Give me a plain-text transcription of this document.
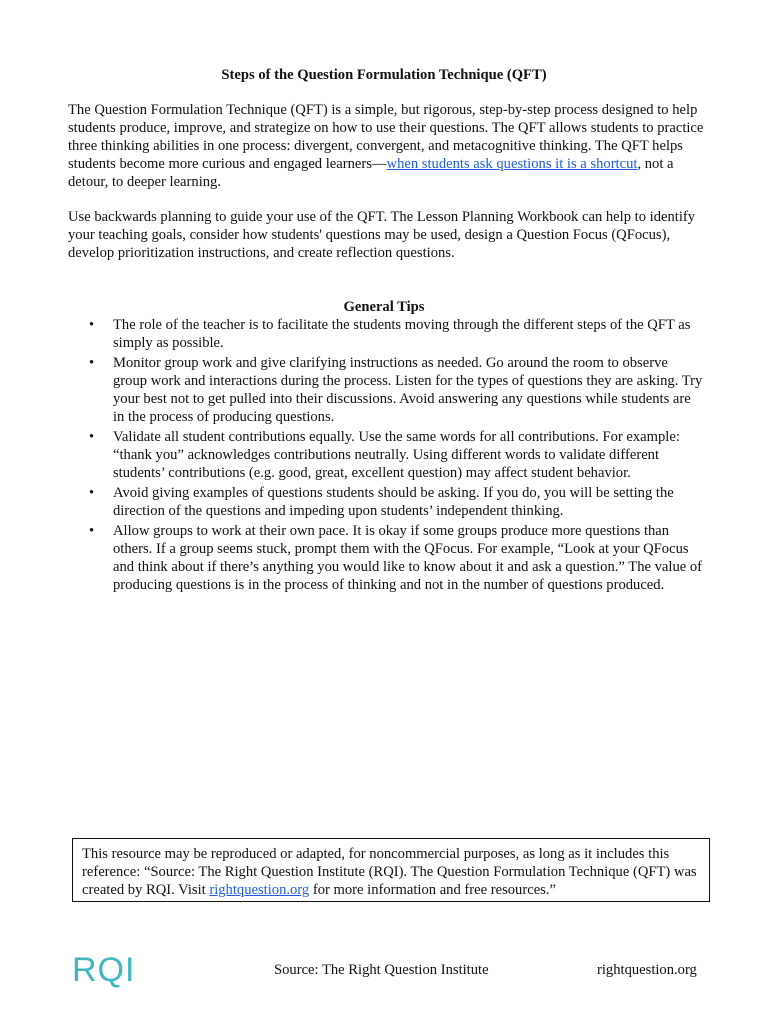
Steps of the Question Formulation Technique (QFT)

The Question Formulation Technique (QFT) is a simple, but rigorous, step-by-step process designed to help students produce, improve, and strategize on how to use their questions. The QFT allows students to practice three thinking abilities in one process: divergent, convergent, and metacognitive thinking. The QFT helps students become more curious and engaged learners—when students ask questions it is a shortcut, not a detour, to deeper learning.

Use backwards planning to guide your use of the QFT. The Lesson Planning Workbook can help to identify your teaching goals, consider how students' questions may be used, design a Question Focus (QFocus), develop prioritization instructions, and create reflection questions.

General Tips
• The role of the teacher is to facilitate the students moving through the different steps of the QFT as simply as possible.
• Monitor group work and give clarifying instructions as needed. Go around the room to observe group work and interactions during the process. Listen for the types of questions they are asking. Try your best not to get pulled into their discussions. Avoid answering any questions while students are in the process of producing questions.
• Validate all student contributions equally. Use the same words for all contributions. For example: “thank you” acknowledges contributions neutrally. Using different words to validate different students’ contributions (e.g. good, great, excellent question) may affect student behavior.
• Avoid giving examples of questions students should be asking. If you do, you will be setting the direction of the questions and impeding upon students’ independent thinking.
• Allow groups to work at their own pace. It is okay if some groups produce more questions than others. If a group seems stuck, prompt them with the QFocus. For example, “Look at your QFocus and think about if there’s anything you would like to know about it and ask a question.” The value of producing questions is in the process of thinking and not in the number of questions produced.
This resource may be reproduced or adapted, for noncommercial purposes, as long as it includes this reference: “Source: The Right Question Institute (RQI). The Question Formulation Technique (QFT) was created by RQI. Visit rightquestion.org for more information and free resources.”
RQI	Source: The Right Question Institute	rightquestion.org
